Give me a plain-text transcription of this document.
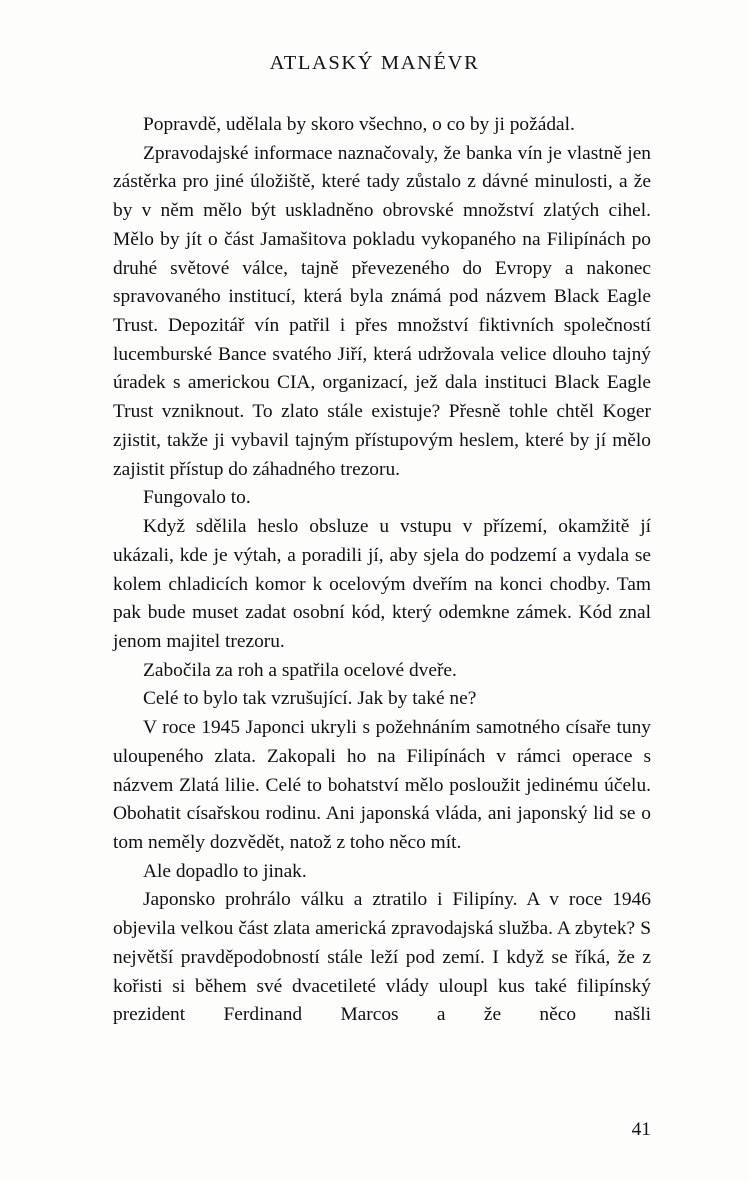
ATLASKÝ MANÉVR

Popravdě, udělala by skoro všechno, o co by ji požádal.

Zpravodajské informace naznačovaly, že banka vín je vlastně jen zástěrka pro jiné úložiště, které tady zůstalo z dávné minulosti, a že by v něm mělo být uskladněno obrovské množství zlatých cihel. Mělo by jít o část Jamašitova pokladu vykopaného na Filipínách po druhé světové válce, tajně převezeného do Evropy a nakonec spravovaného institucí, která byla známá pod názvem Black Eagle Trust. Depozitář vín patřil i přes množství fiktivních společností lucemburské Bance svatého Jiří, která udržovala velice dlouho tajný úradek s americkou CIA, organizací, jež dala instituci Black Eagle Trust vzniknout. To zlato stále existuje? Přesně tohle chtěl Koger zjistit, takže ji vybavil tajným přístupovým heslem, které by jí mělo zajistit přístup do záhadného trezoru.

Fungovalo to.

Když sdělila heslo obsluze u vstupu v přízemí, okamžitě jí ukázali, kde je výtah, a poradili jí, aby sjela do podzemí a vydala se kolem chladicích komor k ocelovým dveřím na konci chodby. Tam pak bude muset zadat osobní kód, který odemkne zámek. Kód znal jenom majitel trezoru.

Zabočila za roh a spatřila ocelové dveře.

Celé to bylo tak vzrušující. Jak by také ne?

V roce 1945 Japonci ukryli s požehnáním samotného císaře tuny uloupeného zlata. Zakopali ho na Filipínách v rámci operace s názvem Zlatá lilie. Celé to bohatství mělo posloužit jedinému účelu. Obohatit císařskou rodinu. Ani japonská vláda, ani japonský lid se o tom neměly dozvědět, natož z toho něco mít.

Ale dopadlo to jinak.

Japonsko prohrálo válku a ztratilo i Filipíny. A v roce 1946 objevila velkou část zlata americká zpravodajská služba. A zbytek? S největší pravděpodobností stále leží pod zemí. I když se říká, že z kořisti si během své dvacetileté vlády uloupl kus také filipínský prezident Ferdinand Marcos a že něco našli

41
